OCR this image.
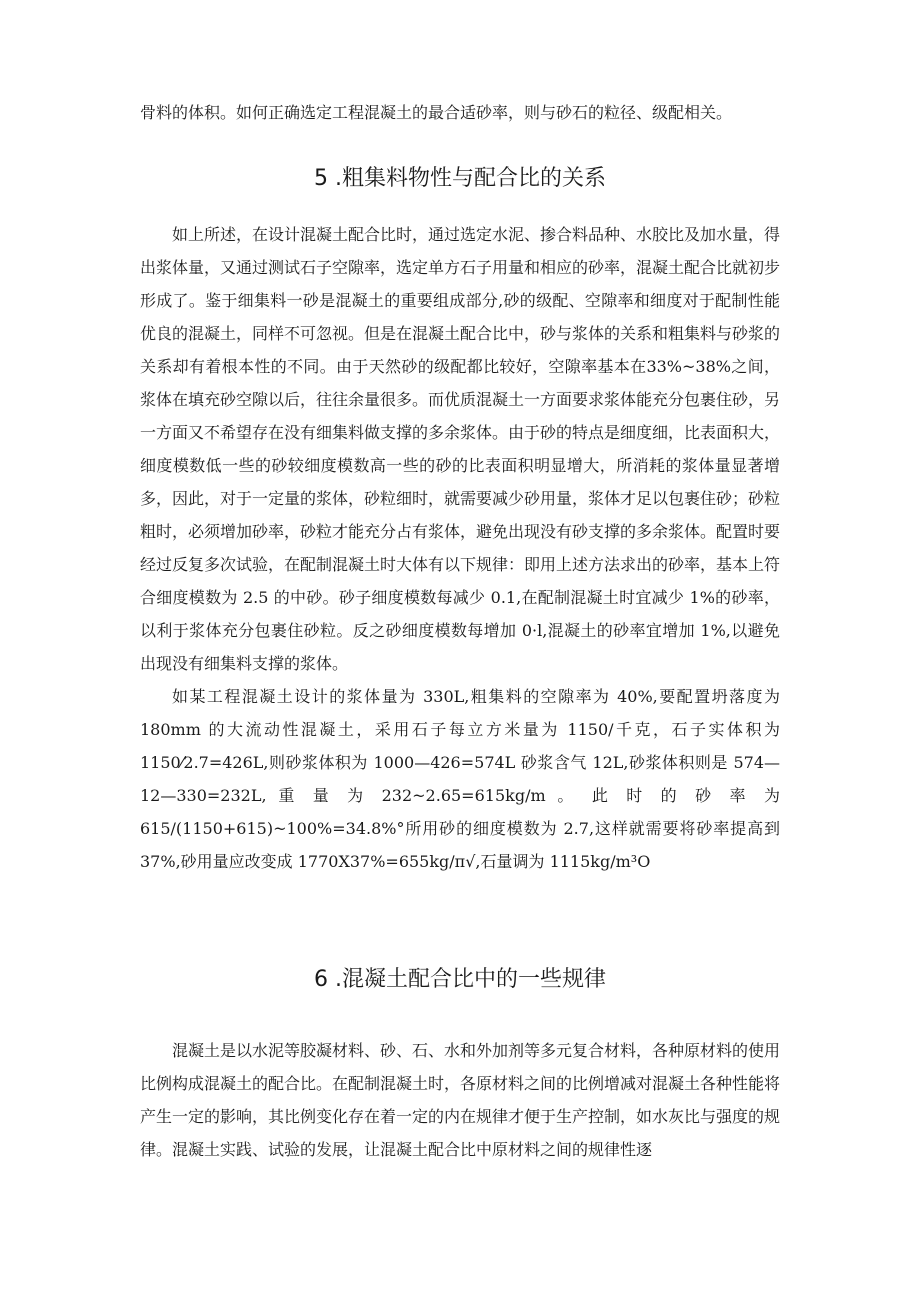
骨料的体积。如何正确选定工程混凝土的最合适砂率，则与砂石的粒径、级配相关。

5 .粗集料物性与配合比的关系

如上所述，在设计混凝土配合比时，通过选定水泥、掺合料品种、水胶比及加水量，得出浆体量，又通过测试石子空隙率，选定单方石子用量和相应的砂率，混凝土配合比就初步形成了。鉴于细集料一砂是混凝土的重要组成部分,砂的级配、空隙率和细度对于配制性能优良的混凝土，同样不可忽视。但是在混凝土配合比中，砂与浆体的关系和粗集料与砂浆的关系却有着根本性的不同。由于天然砂的级配都比较好，空隙率基本在33%~38%之间，浆体在填充砂空隙以后，往往余量很多。而优质混凝土一方面要求浆体能充分包裹住砂，另一方面又不希望存在没有细集料做支撑的多余浆体。由于砂的特点是细度细，比表面积大，细度模数低一些的砂较细度模数高一些的砂的比表面积明显增大，所消耗的浆体量显著增多，因此，对于一定量的浆体，砂粒细时，就需要减少砂用量，浆体才足以包裹住砂；砂粒粗时，必须增加砂率，砂粒才能充分占有浆体，避免出现没有砂支撑的多余浆体。配置时要经过反复多次试验，在配制混凝土时大体有以下规律：即用上述方法求出的砂率，基本上符合细度模数为 2.5 的中砂。砂子细度模数每减少 0.1,在配制混凝土时宜减少 1%的砂率，以利于浆体充分包裹住砂粒。反之砂细度模数每增加 0·l,混凝土的砂率宜增加 1%,以避免出现没有细集料支撑的浆体。

如某工程混凝土设计的浆体量为 330L,粗集料的空隙率为 40%,要配置坍落度为 180mm 的大流动性混凝土，采用石子每立方米量为 1150/千克，石子实体积为 1150⁄2.7=426L,则砂浆体积为 1000—426=574L 砂浆含气 12L,砂浆体积则是 574—12—330=232L, 重 量 为 232~2.65=615kg/m 。 此 时 的 砂 率 为 615/(1150+615)~100%=34.8%°所用砂的细度模数为 2.7,这样就需要将砂率提高到 37%,砂用量应改变成 1770X37%=655kg∕π√,石量调为 1115kg∕m³O

6 .混凝土配合比中的一些规律

混凝土是以水泥等胶凝材料、砂、石、水和外加剂等多元复合材料，各种原材料的使用比例构成混凝土的配合比。在配制混凝土时，各原材料之间的比例增减对混凝土各种性能将产生一定的影响，其比例变化存在着一定的内在规律才便于生产控制，如水灰比与强度的规律。混凝土实践、试验的发展，让混凝土配合比中原材料之间的规律性逐
